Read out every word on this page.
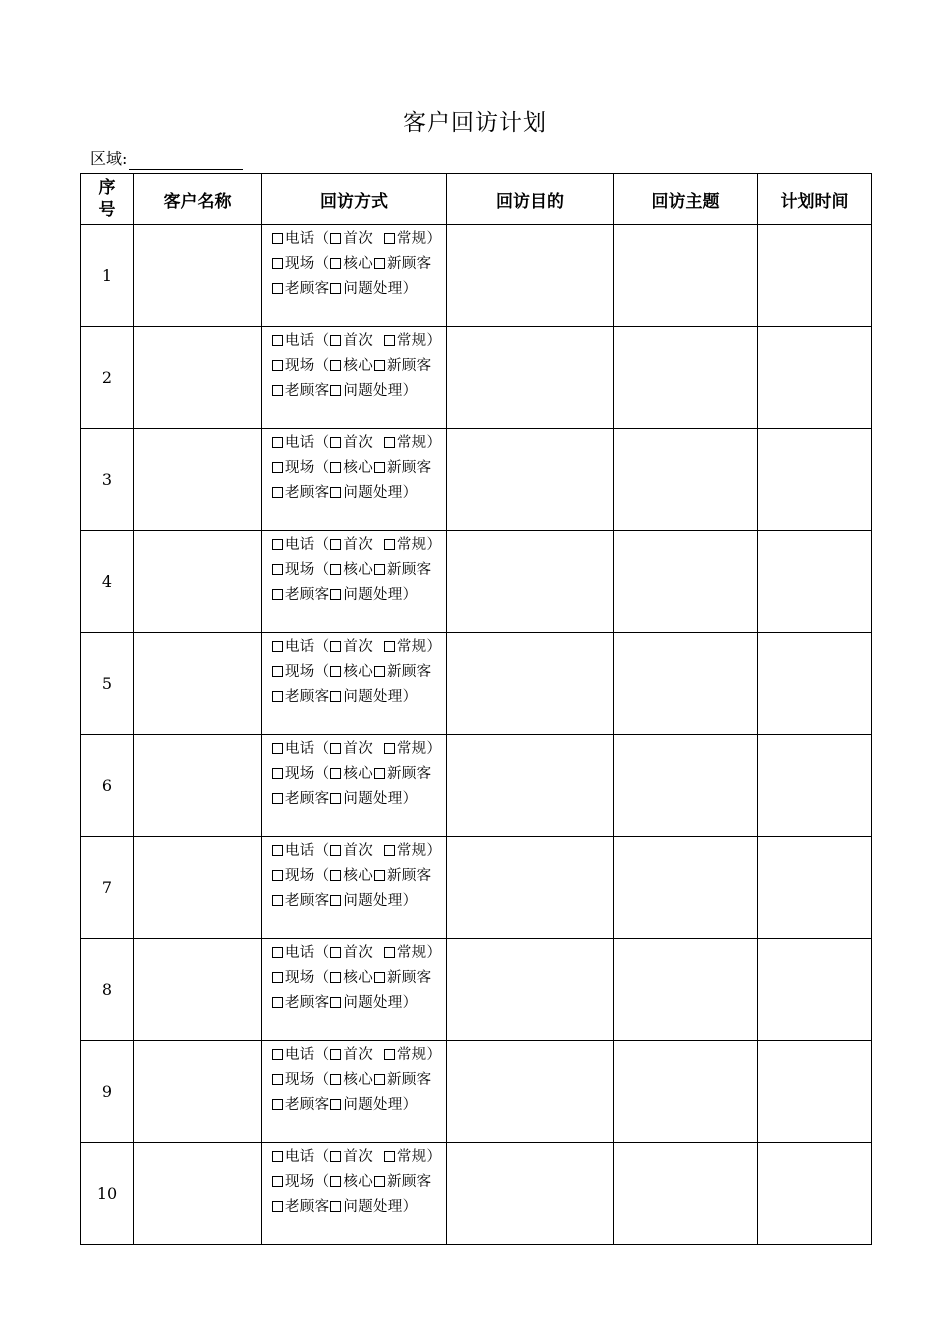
客户回访计划
区域:
序
号	客户名称	回访方式	回访目的	回访主题	计划时间
1		电话（ 首次 常规）现场（ 核心 新顾客老顾客 问题处理）			
2		电话（ 首次 常规）现场（ 核心 新顾客老顾客 问题处理）			
3		电话（ 首次 常规）现场（ 核心 新顾客老顾客 问题处理）			
4		电话（ 首次 常规）现场（ 核心 新顾客老顾客 问题处理）			
5		电话（ 首次 常规）现场（ 核心 新顾客老顾客 问题处理）			
6		电话（ 首次 常规）现场（ 核心 新顾客老顾客 问题处理）			
7		电话（ 首次 常规）现场（ 核心 新顾客老顾客 问题处理）			
8		电话（ 首次 常规）现场（ 核心 新顾客老顾客 问题处理）			
9		电话（ 首次 常规）现场（ 核心 新顾客老顾客 问题处理）			
10		电话（ 首次 常规）现场（ 核心 新顾客老顾客 问题处理）			
